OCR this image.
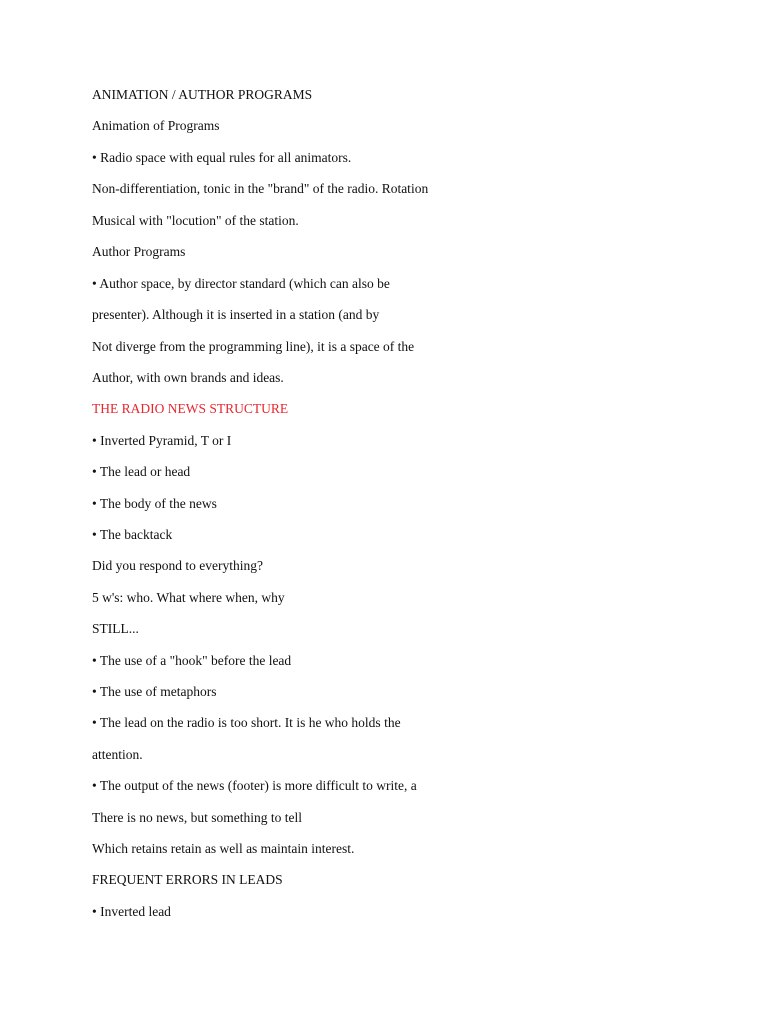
ANIMATION / AUTHOR PROGRAMS

Animation of Programs

• Radio space with equal rules for all animators.

Non-differentiation, tonic in the "brand" of the radio. Rotation

Musical with "locution" of the station.

Author Programs

• Author space, by director standard (which can also be

presenter). Although it is inserted in a station (and by

Not diverge from the programming line), it is a space of the

Author, with own brands and ideas.

THE RADIO NEWS STRUCTURE

• Inverted Pyramid, T or I

• The lead or head

• The body of the news

• The backtack

Did you respond to everything?

5 w's: who. What where when, why

STILL...

• The use of a "hook" before the lead

• The use of metaphors

• The lead on the radio is too short. It is he who holds the

attention.

• The output of the news (footer) is more difficult to write, a

There is no news, but something to tell

Which retains retain as well as maintain interest.

FREQUENT ERRORS IN LEADS

• Inverted lead
